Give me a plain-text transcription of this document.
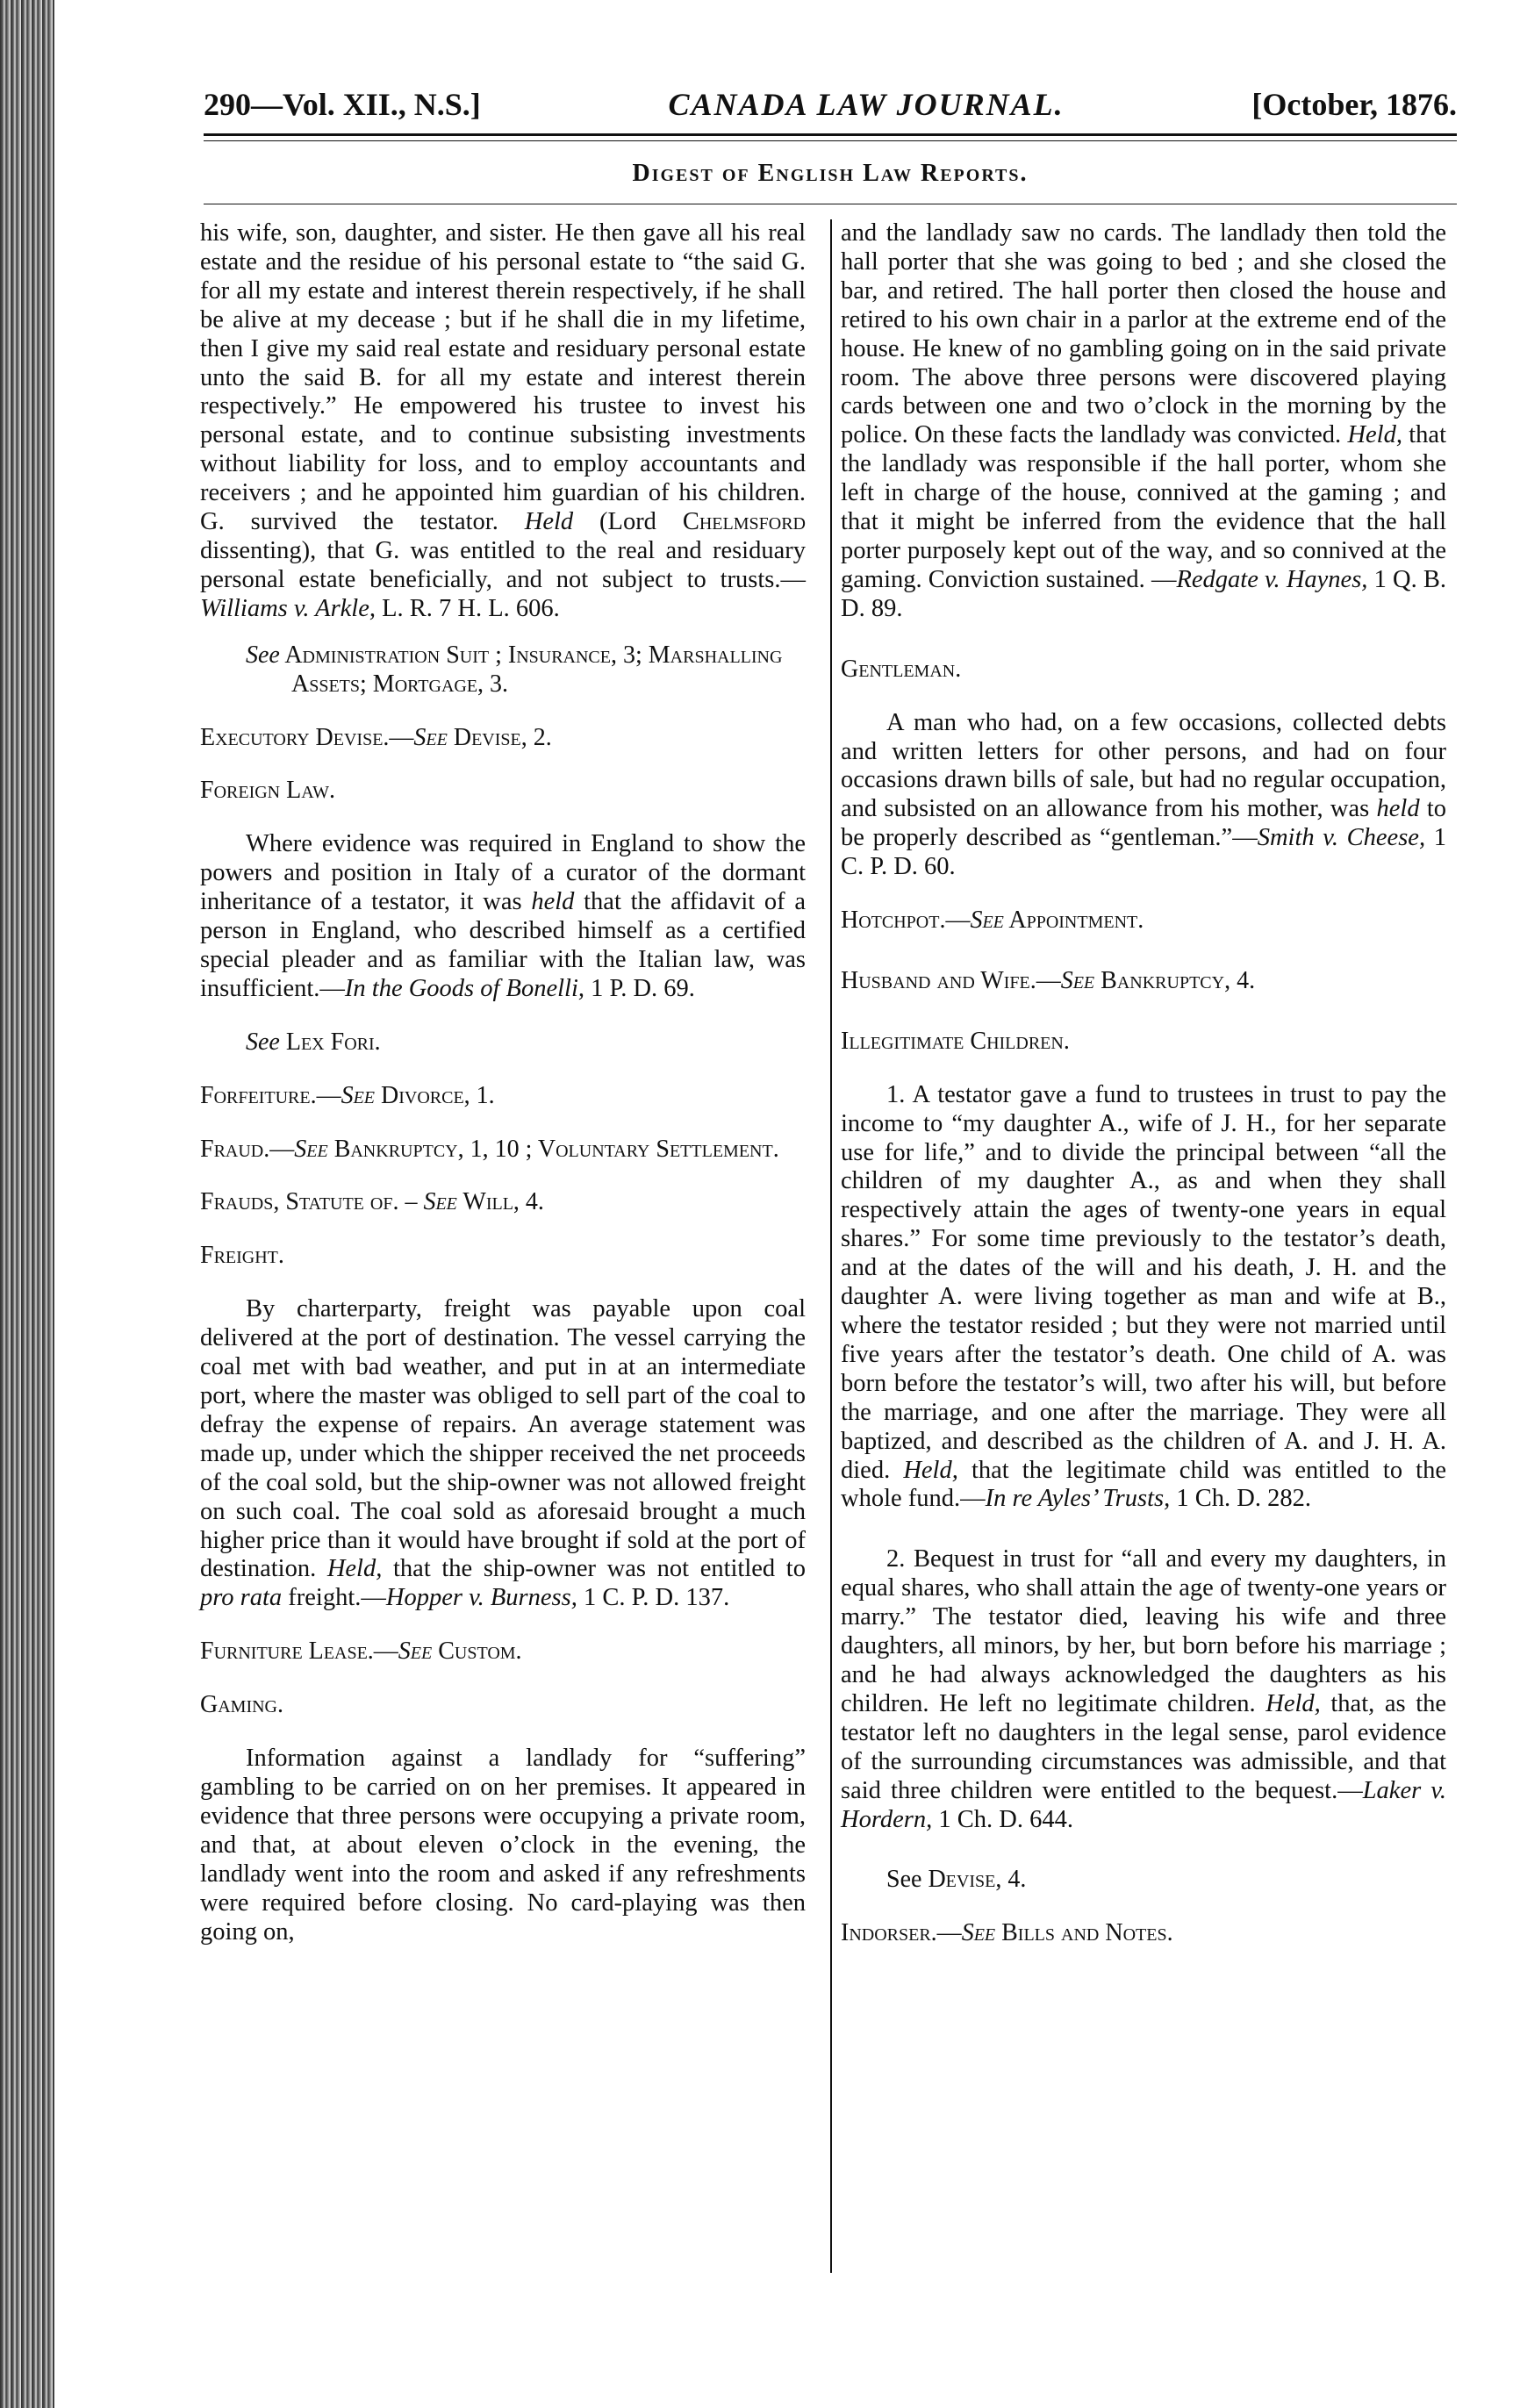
290—Vol. XII., N.S.]	CANADA LAW JOURNAL.	[October, 1876.
Digest of English Law Reports.

his wife, son, daughter, and sister. He then gave all his real estate and the residue of his personal estate to “the said G. for all my estate and interest therein respectively, if he shall be alive at my decease ; but if he shall die in my lifetime, then I give my said real estate and residuary personal estate unto the said B. for all my estate and interest therein respectively.” He empowered his trustee to invest his personal estate, and to continue subsisting investments without liability for loss, and to employ accountants and receivers ; and he appointed him guardian of his children. G. survived the testator. Held (Lord Chelmsford dissenting), that G. was entitled to the real and residuary personal estate beneficially, and not subject to trusts.—Williams v. Arkle, L. R. 7 H. L. 606.

See Administration Suit ; Insurance, 3; Marshalling Assets; Mortgage, 3.

Executory Devise.—See Devise, 2.

Foreign Law.

Where evidence was required in England to show the powers and position in Italy of a curator of the dormant inheritance of a testator, it was held that the affidavit of a person in England, who described himself as a certified special pleader and as familiar with the Italian law, was insufficient.—In the Goods of Bonelli, 1 P. D. 69.

See Lex Fori.

Forfeiture.—See Divorce, 1.

Fraud.—See Bankruptcy, 1, 10 ; Voluntary Settlement.

Frauds, Statute of. – See Will, 4.

Freight.

By charterparty, freight was payable upon coal delivered at the port of destination. The vessel carrying the coal met with bad weather, and put in at an intermediate port, where the master was obliged to sell part of the coal to defray the expense of repairs. An average statement was made up, under which the shipper received the net proceeds of the coal sold, but the ship-owner was not allowed freight on such coal. The coal sold as aforesaid brought a much higher price than it would have brought if sold at the port of destination. Held, that the ship-owner was not entitled to pro rata freight.—Hopper v. Burness, 1 C. P. D. 137.

Furniture Lease.—See Custom.

Gaming.

Information against a landlady for “suffering” gambling to be carried on on her premises. It appeared in evidence that three persons were occupying a private room, and that, at about eleven o’clock in the evening, the landlady went into the room and asked if any refreshments were required before closing. No card-playing was then going on,

and the landlady saw no cards. The landlady then told the hall porter that she was going to bed ; and she closed the bar, and retired. The hall porter then closed the house and retired to his own chair in a parlor at the extreme end of the house. He knew of no gambling going on in the said private room. The above three persons were discovered playing cards between one and two o’clock in the morning by the police. On these facts the landlady was convicted. Held, that the landlady was responsible if the hall porter, whom she left in charge of the house, connived at the gaming ; and that it might be inferred from the evidence that the hall porter purposely kept out of the way, and so connived at the gaming. Conviction sustained. —Redgate v. Haynes, 1 Q. B. D. 89.

Gentleman.

A man who had, on a few occasions, collected debts and written letters for other persons, and had on four occasions drawn bills of sale, but had no regular occupation, and subsisted on an allowance from his mother, was held to be properly described as “gentleman.”—Smith v. Cheese, 1 C. P. D. 60.

Hotchpot.—See Appointment.

Husband and Wife.—See Bankruptcy, 4.

Illegitimate Children.

1. A testator gave a fund to trustees in trust to pay the income to “my daughter A., wife of J. H., for her separate use for life,” and to divide the principal between “all the children of my daughter A., as and when they shall respectively attain the ages of twenty-one years in equal shares.” For some time previously to the testator’s death, and at the dates of the will and his death, J. H. and the daughter A. were living together as man and wife at B., where the testator resided ; but they were not married until five years after the testator’s death. One child of A. was born before the testator’s will, two after his will, but before the marriage, and one after the marriage. They were all baptized, and described as the children of A. and J. H. A. died. Held, that the legitimate child was entitled to the whole fund.—In re Ayles’ Trusts, 1 Ch. D. 282.

2. Bequest in trust for “all and every my daughters, in equal shares, who shall attain the age of twenty-one years or marry.” The testator died, leaving his wife and three daughters, all minors, by her, but born before his marriage ; and he had always acknowledged the daughters as his children. He left no legitimate children. Held, that, as the testator left no daughters in the legal sense, parol evidence of the surrounding circumstances was admissible, and that said three children were entitled to the bequest.—Laker v. Hordern, 1 Ch. D. 644.

See Devise, 4.

Indorser.—See Bills and Notes.
